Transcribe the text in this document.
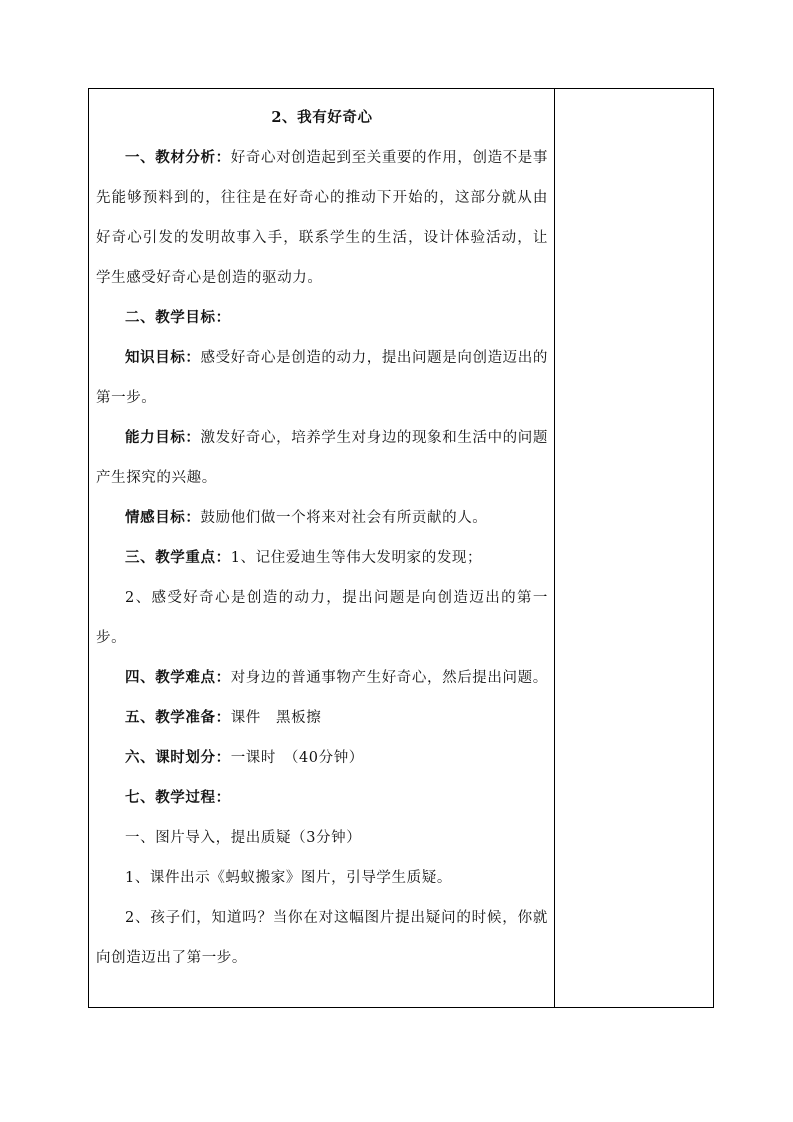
2、我有好奇心

一、教材分析：好奇心对创造起到至关重要的作用，创造不是事先能够预料到的，往往是在好奇心的推动下开始的，这部分就从由好奇心引发的发明故事入手，联系学生的生活，设计体验活动，让学生感受好奇心是创造的驱动力。

二、教学目标：

知识目标：感受好奇心是创造的动力，提出问题是向创造迈出的第一步。

能力目标：激发好奇心，培养学生对身边的现象和生活中的问题产生探究的兴趣。

情感目标：鼓励他们做一个将来对社会有所贡献的人。

三、教学重点：1、记住爱迪生等伟大发明家的发现；

2、感受好奇心是创造的动力，提出问题是向创造迈出的第一步。

四、教学难点：对身边的普通事物产生好奇心，然后提出问题。

五、教学准备：课件　黑板擦

六、课时划分：一课时　（40分钟）

七、教学过程：

一、图片导入，提出质疑（3分钟）

1、课件出示《蚂蚁搬家》图片，引导学生质疑。

2、孩子们，知道吗？当你在对这幅图片提出疑问的时候，你就向创造迈出了第一步。
